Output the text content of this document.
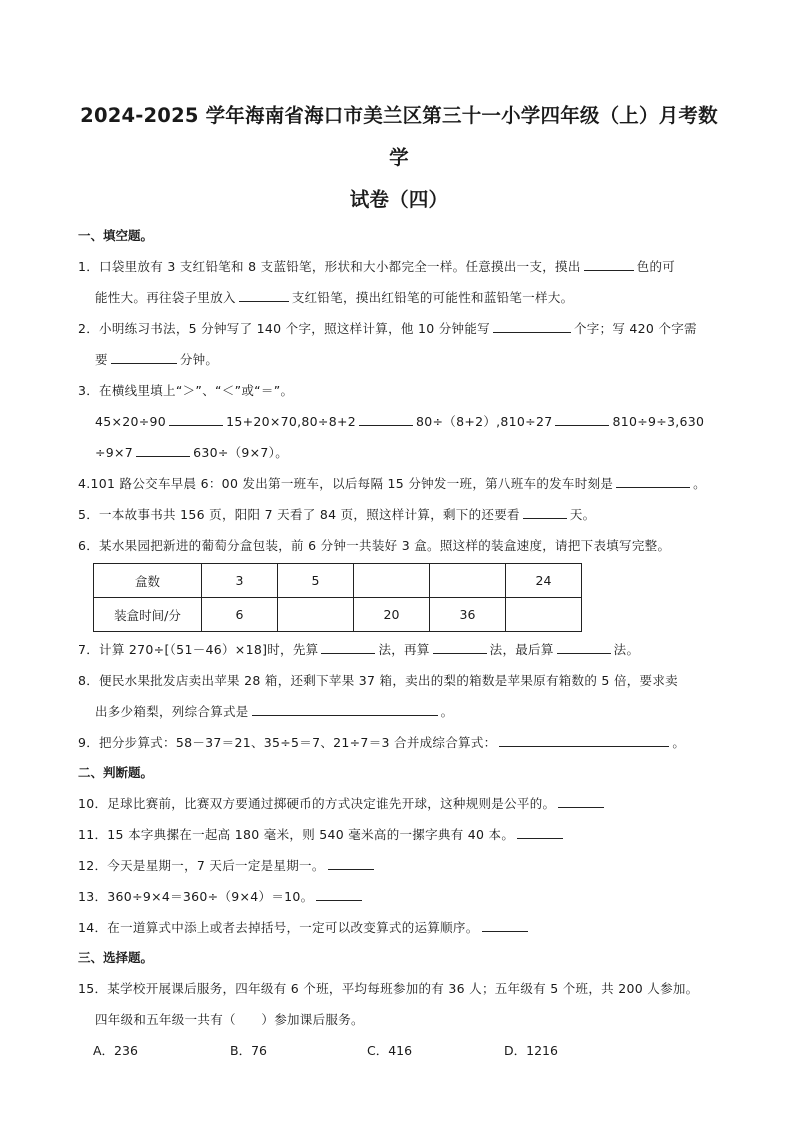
2024-2025 学年海南省海口市美兰区第三十一小学四年级（上）月考数学

试卷（四）

一、填空题。

1．口袋里放有 3 支红铅笔和 8 支蓝铅笔，形状和大小都完全一样。任意摸出一支，摸出	色的可
能性大。再往袋子里放入	支红铅笔，摸出红铅笔的可能性和蓝铅笔一样大。

2．小明练习书法，5 分钟写了 140 个字，照这样计算，他 10 分钟能写	个字；写 420 个字需
要	分钟。

3．在横线里填上“＞”、“＜”或“＝”。
45×20÷90	15+20×70,80÷8+2	80÷（8+2）,810÷27	810÷9÷3,630
÷9×7	630÷（9×7）。

4.101 路公交车早晨 6：00 发出第一班车，以后每隔 15 分钟发一班，第八班车的发车时刻是	。

5．一本故事书共 156 页，阳阳 7 天看了 84 页，照这样计算，剩下的还要看	天。

6．某水果园把新进的葡萄分盒包装，前 6 分钟一共装好 3 盒。照这样的装盒速度，请把下表填写完整。

盒数	3	5			24
装盒时间/分	6		20	36	

7．计算 270÷[（51－46）×18]时，先算	法，再算	法，最后算	法。

8．便民水果批发店卖出苹果 28 箱，还剩下苹果 37 箱，卖出的梨的箱数是苹果原有箱数的 5 倍，要求卖
出多少箱梨，列综合算式是	。

9．把分步算式：58－37＝21、35÷5＝7、21÷7＝3 合并成综合算式：	。

二、判断题。

10．足球比赛前，比赛双方要通过掷硬币的方式决定谁先开球，这种规则是公平的。

11．15 本字典摞在一起高 180 毫米，则 540 毫米高的一摞字典有 40 本。

12．今天是星期一，7 天后一定是星期一。

13．360÷9×4＝360÷（9×4）＝10。

14．在一道算式中添上或者去掉括号，一定可以改变算式的运算顺序。

三、选择题。

15．某学校开展课后服务，四年级有 6 个班，平均每班参加的有 36 人；五年级有 5 个班，共 200 人参加。
四年级和五年级一共有（　　）参加课后服务。

A．236	B．76	C．416	D．1216
